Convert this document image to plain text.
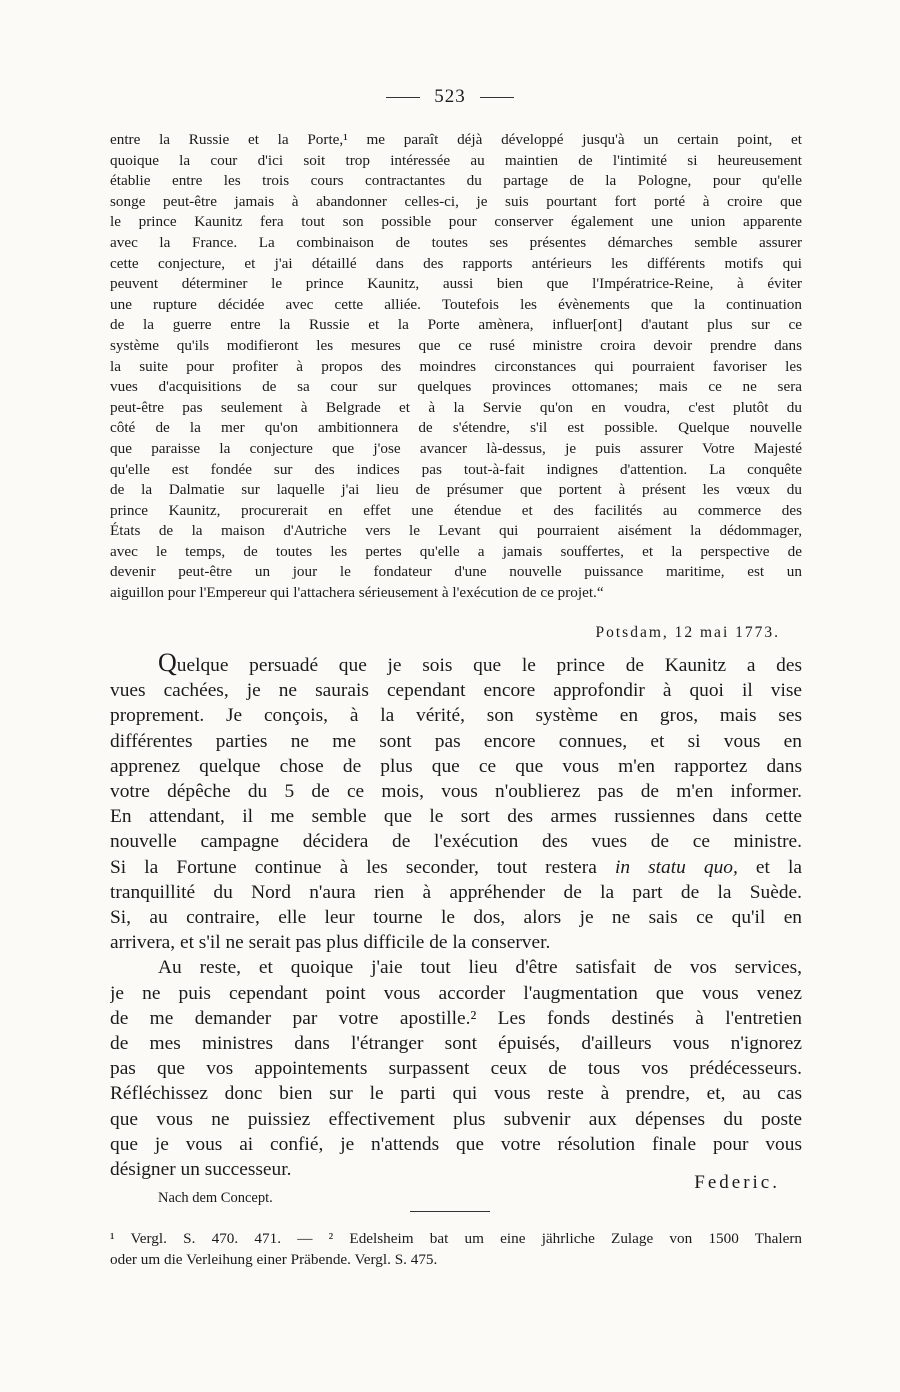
523
entre la Russie et la Porte,¹ me paraît déjà développé jusqu'à un certain point, et
quoique la cour d'ici soit trop intéressée au maintien de l'intimité si heureusement
établie entre les trois cours contractantes du partage de la Pologne, pour qu'elle
songe peut-être jamais à abandonner celles-ci, je suis pourtant fort porté à croire que
le prince Kaunitz fera tout son possible pour conserver également une union apparente
avec la France. La combinaison de toutes ses présentes démarches semble assurer
cette conjecture, et j'ai détaillé dans des rapports antérieurs les différents motifs qui
peuvent déterminer le prince Kaunitz, aussi bien que l'Impératrice-Reine, à éviter
une rupture décidée avec cette alliée. Toutefois les évènements que la continuation
de la guerre entre la Russie et la Porte amènera, influer[ont] d'autant plus sur ce
système qu'ils modifieront les mesures que ce rusé ministre croira devoir prendre dans
la suite pour profiter à propos des moindres circonstances qui pourraient favoriser les
vues d'acquisitions de sa cour sur quelques provinces ottomanes; mais ce ne sera
peut-être pas seulement à Belgrade et à la Servie qu'on en voudra, c'est plutôt du
côté de la mer qu'on ambitionnera de s'étendre, s'il est possible. Quelque nouvelle
que paraisse la conjecture que j'ose avancer là-dessus, je puis assurer Votre Majesté
qu'elle est fondée sur des indices pas tout-à-fait indignes d'attention. La conquête
de la Dalmatie sur laquelle j'ai lieu de présumer que portent à présent les vœux du
prince Kaunitz, procurerait en effet une étendue et des facilités au commerce des
États de la maison d'Autriche vers le Levant qui pourraient aisément la dédommager,
avec le temps, de toutes les pertes qu'elle a jamais souffertes, et la perspective de
devenir peut-être un jour le fondateur d'une nouvelle puissance maritime, est un
aiguillon pour l'Empereur qui l'attachera sérieusement à l'exécution de ce projet.“
Potsdam, 12 mai 1773.
Quelque persuadé que je sois que le prince de Kaunitz a des
vues cachées, je ne saurais cependant encore approfondir à quoi il vise
proprement. Je conçois, à la vérité, son système en gros, mais ses
différentes parties ne me sont pas encore connues, et si vous en
apprenez quelque chose de plus que ce que vous m'en rapportez dans
votre dépêche du 5 de ce mois, vous n'oublierez pas de m'en informer.
En attendant, il me semble que le sort des armes russiennes dans cette
nouvelle campagne décidera de l'exécution des vues de ce ministre.
Si la Fortune continue à les seconder, tout restera in statu quo, et la
tranquillité du Nord n'aura rien à appréhender de la part de la Suède.
Si, au contraire, elle leur tourne le dos, alors je ne sais ce qu'il en
arrivera, et s'il ne serait pas plus difficile de la conserver.
Au reste, et quoique j'aie tout lieu d'être satisfait de vos services,
je ne puis cependant point vous accorder l'augmentation que vous venez
de me demander par votre apostille.² Les fonds destinés à l'entretien
de mes ministres dans l'étranger sont épuisés, d'ailleurs vous n'ignorez
pas que vos appointements surpassent ceux de tous vos prédécesseurs.
Réfléchissez donc bien sur le parti qui vous reste à prendre, et, au cas
que vous ne puissiez effectivement plus subvenir aux dépenses du poste
que je vous ai confié, je n'attends que votre résolution finale pour vous
désigner un successeur.
Federic.
Nach dem Concept.
¹ Vergl. S. 470. 471. — ² Edelsheim bat um eine jährliche Zulage von 1500 Thalern
oder um die Verleihung einer Präbende. Vergl. S. 475.
